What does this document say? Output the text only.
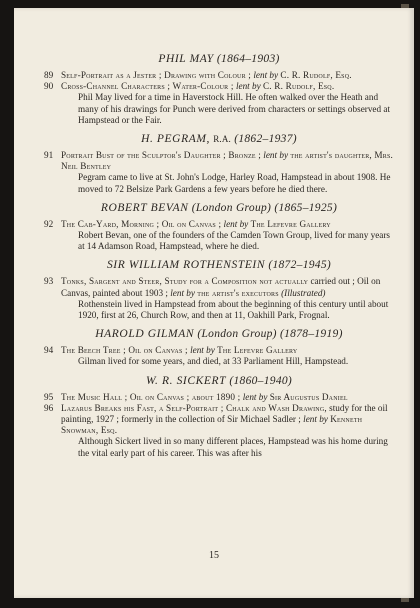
PHIL MAY (1864–1903)
89 Self-Portrait as a Jester ; Drawing with Colour ; lent by C. R. Rudolf, Esq.
90 Cross-Channel Characters ; Water-Colour ; lent by C. R. Rudolf, Esq.
Phil May lived for a time in Haverstock Hill. He often walked over the Heath and many of his drawings for Punch were derived from characters or settings observed at Hampstead or the Fair.
H. PEGRAM, R.A. (1862–1937)
91 Portrait Bust of the Sculptor's Daughter ; Bronze ; lent by the artist's daughter, Mrs. Neil Bentley
Pegram came to live at St. John's Lodge, Harley Road, Hampstead in about 1908. He moved to 72 Belsize Park Gardens a few years before he died there.
ROBERT BEVAN (London Group) (1865–1925)
92 The Cab-Yard, Morning ; Oil on Canvas ; lent by The Lefevre Gallery
Robert Bevan, one of the founders of the Camden Town Group, lived for many years at 14 Adamson Road, Hampstead, where he died.
SIR WILLIAM ROTHENSTEIN (1872–1945)
93 Tonks, Sargent and Steer, Study for a Composition not actually carried out ; Oil on Canvas, painted about 1903 ; lent by the artist's executors (Illustrated)
Rothenstein lived in Hampstead from about the beginning of this century until about 1920, first at 26, Church Row, and then at 11, Oakhill Park, Frognal.
HAROLD GILMAN (London Group) (1878–1919)
94 The Beech Tree ; Oil on Canvas ; lent by The Lefevre Gallery
Gilman lived for some years, and died, at 33 Parliament Hill, Hampstead.
W. R. SICKERT (1860–1940)
95 The Music Hall ; Oil on Canvas ; about 1890 ; lent by Sir Augustus Daniel
96 Lazarus Breaks his Fast, a Self-Portrait ; Chalk and Wash Drawing, study for the oil painting, 1927 ; formerly in the collection of Sir Michael Sadler ; lent by Kenneth Snowman, Esq.
Although Sickert lived in so many different places, Hampstead was his home during the vital early part of his career. This was after his
15
